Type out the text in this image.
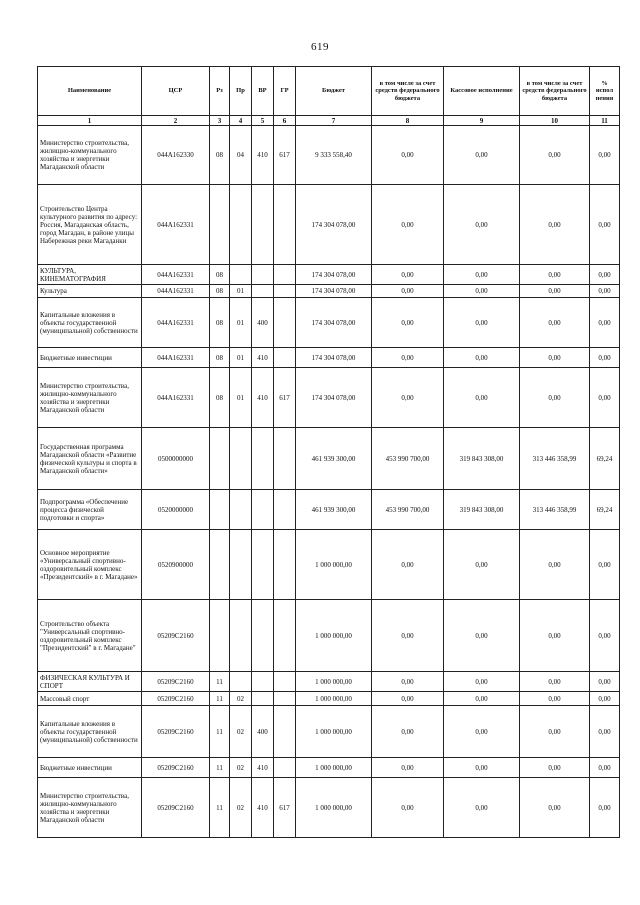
619
Наименование	ЦСР	Рз	Пр	ВР	ГР	Бюджет	в том числе за счет средств федерального бюджета	Кассовое исполнение	в том числе за счет средств федерального бюджета	% испол нения
1	2	3	4	5	6	7	8	9	10	11
Министерство строительства, жилищно-коммунального хозяйства и энергетики Магаданской области	044A162330	08	04	410	617	9 333 558,40	0,00	0,00	0,00	0,00
Строительство Центра культурного развития по адресу: Россия, Магаданская область, город Магадан, в районе улицы Набережная реки Магаданки	044A162331					174 304 078,00	0,00	0,00	0,00	0,00
КУЛЬТУРА, КИНЕМАТОГРАФИЯ	044A162331	08				174 304 078,00	0,00	0,00	0,00	0,00
Культура	044A162331	08	01			174 304 078,00	0,00	0,00	0,00	0,00
Капитальные вложения в объекты государственной (муниципальной) собственности	044A162331	08	01	400		174 304 078,00	0,00	0,00	0,00	0,00
Бюджетные инвестиции	044A162331	08	01	410		174 304 078,00	0,00	0,00	0,00	0,00
Министерство строительства, жилищно-коммунального хозяйства и энергетики Магаданской области	044A162331	08	01	410	617	174 304 078,00	0,00	0,00	0,00	0,00
Государственная программа Магаданской области «Развитие физической культуры и спорта в Магаданской области»	0500000000					461 939 300,00	453 990 700,00	319 843 308,00	313 446 358,99	69,24
Подпрограмма «Обеспечение процесса физической подготовки и спорта»	0520000000					461 939 300,00	453 990 700,00	319 843 308,00	313 446 358,99	69,24
Основное мероприятие «Универсальный спортивно-оздоровительный комплекс «Президентский» в г. Магадане»	0520900000					1 000 000,00	0,00	0,00	0,00	0,00
Строительство объекта "Универсальный спортивно-оздоровительный комплекс "Президентский" в г. Магадане"	05209C2160					1 000 000,00	0,00	0,00	0,00	0,00
ФИЗИЧЕСКАЯ КУЛЬТУРА И СПОРТ	05209C2160	11				1 000 000,00	0,00	0,00	0,00	0,00
Массовый спорт	05209C2160	11	02			1 000 000,00	0,00	0,00	0,00	0,00
Капитальные вложения в объекты государственной (муниципальной) собственности	05209C2160	11	02	400		1 000 000,00	0,00	0,00	0,00	0,00
Бюджетные инвестиции	05209C2160	11	02	410		1 000 000,00	0,00	0,00	0,00	0,00
Министерство строительства, жилищно-коммунального хозяйства и энергетики Магаданской области	05209C2160	11	02	410	617	1 000 000,00	0,00	0,00	0,00	0,00
